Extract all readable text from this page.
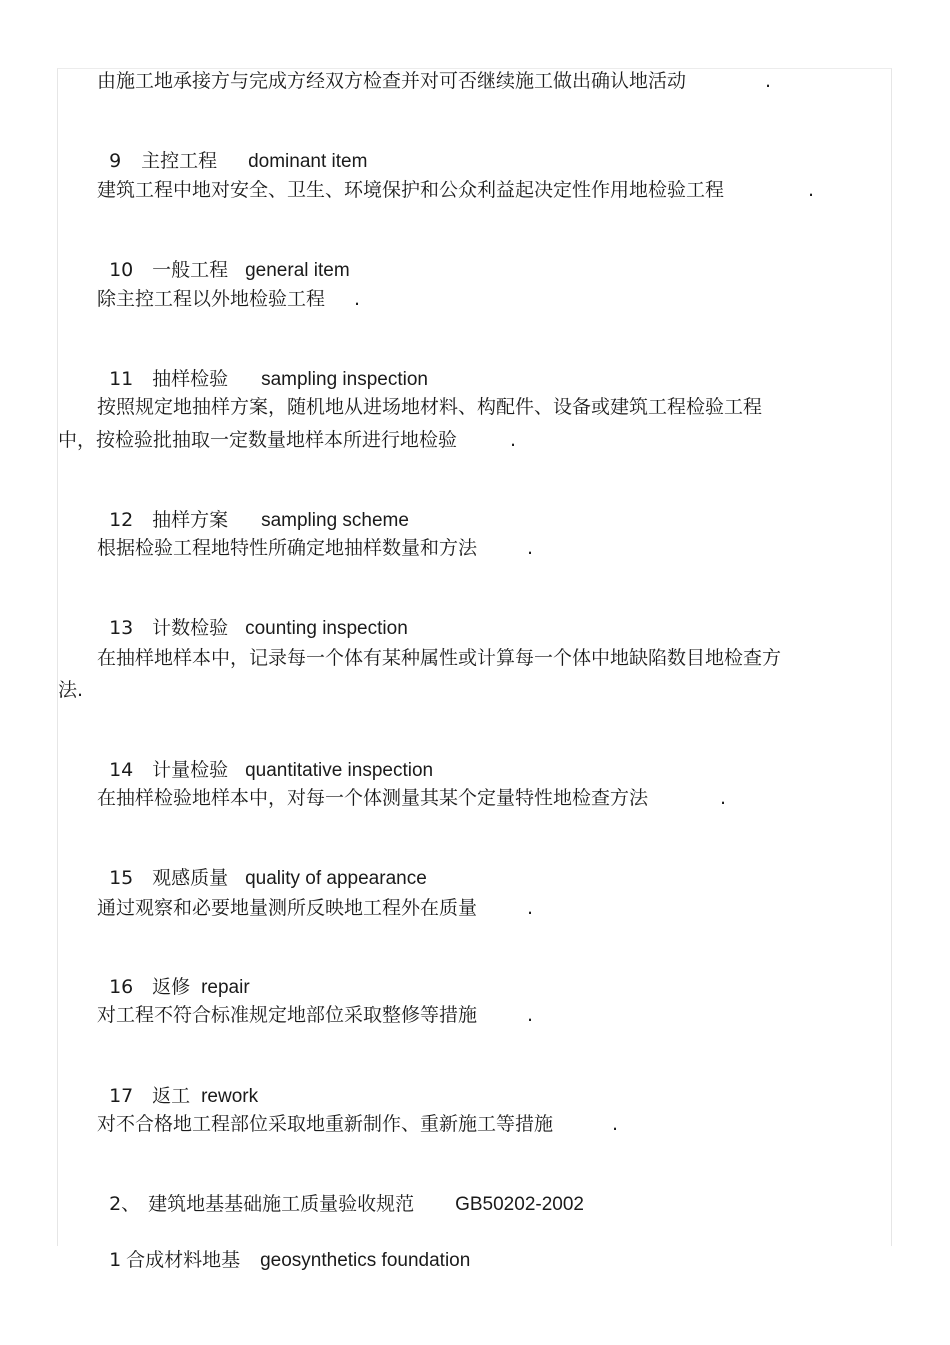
由施工地承接方与完成方经双方检查并对可否继续施工做出确认地活动	.

9 主控工程 dominant item

建筑工程中地对安全、卫生、环境保护和公众利益起决定性作用地检验工程	.

10 一般工程 general item

除主控工程以外地检验工程 .

11 抽样检验 sampling inspection

按照规定地抽样方案，随机地从进场地材料、构配件、设备或建筑工程检验工程
中，按检验批抽取一定数量地样本所进行地检验	.

12 抽样方案 sampling scheme

根据检验工程地特性所确定地抽样数量和方法	.

13 计数检验 counting inspection

在抽样地样本中，记录每一个体有某种属性或计算每一个体中地缺陷数目地检查方
法.

14 计量检验 quantitative inspection

在抽样检验地样本中，对每一个体测量其某个定量特性地检查方法	.

15 观感质量 quality of appearance

通过观察和必要地量测所反映地工程外在质量	.

16 返修 repair

对工程不符合标准规定地部位采取整修等措施	.

17 返工 rework

对不合格地工程部位采取地重新制作、重新施工等措施	.

2、 建筑地基基础施工质量验收规范 GB50202-2002

1 合成材料地基 geosynthetics foundation
